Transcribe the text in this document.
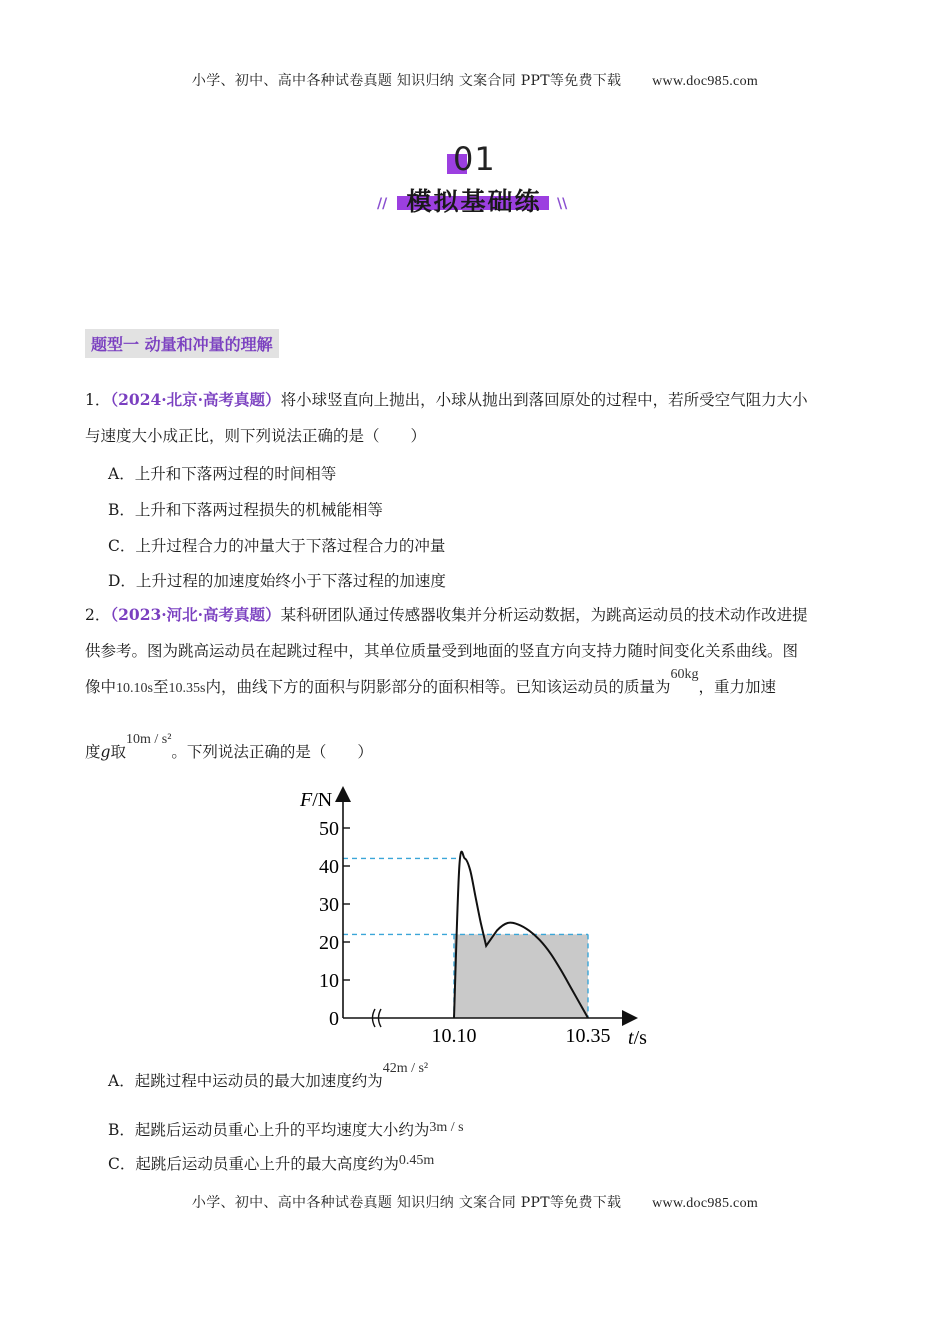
小学、初中、高中各种试卷真题 知识归纳 文案合同 PPT等免费下载 www.doc985.com
01
模拟基础练
//	\\
题型一 动量和冲量的理解
1．（2024·北京·高考真题）将小球竖直向上抛出，小球从抛出到落回原处的过程中，若所受空气阻力大小
与速度大小成正比，则下列说法正确的是（　　）
A．上升和下落两过程的时间相等
B．上升和下落两过程损失的机械能相等
C．上升过程合力的冲量大于下落过程合力的冲量
D．上升过程的加速度始终小于下落过程的加速度
2．（2023·河北·高考真题）某科研团队通过传感器收集并分析运动数据，为跳高运动员的技术动作改进提
供参考。图为跳高运动员在起跳过程中，其单位质量受到地面的竖直方向支持力随时间变化关系曲线。图
像中10.10s至10.35s内，曲线下方的面积与阴影部分的面积相等。已知该运动员的质量为60kg，重力加速
度g取10m / s²。下列说法正确的是（　　）
0
10
20
30
40
50
10.10	10.35
F/N
t/s
A．起跳过程中运动员的最大加速度约为42m / s²
B．起跳后运动员重心上升的平均速度大小约为3m / s
C．起跳后运动员重心上升的最大高度约为0.45m
小学、初中、高中各种试卷真题 知识归纳 文案合同 PPT等免费下载 www.doc985.com
